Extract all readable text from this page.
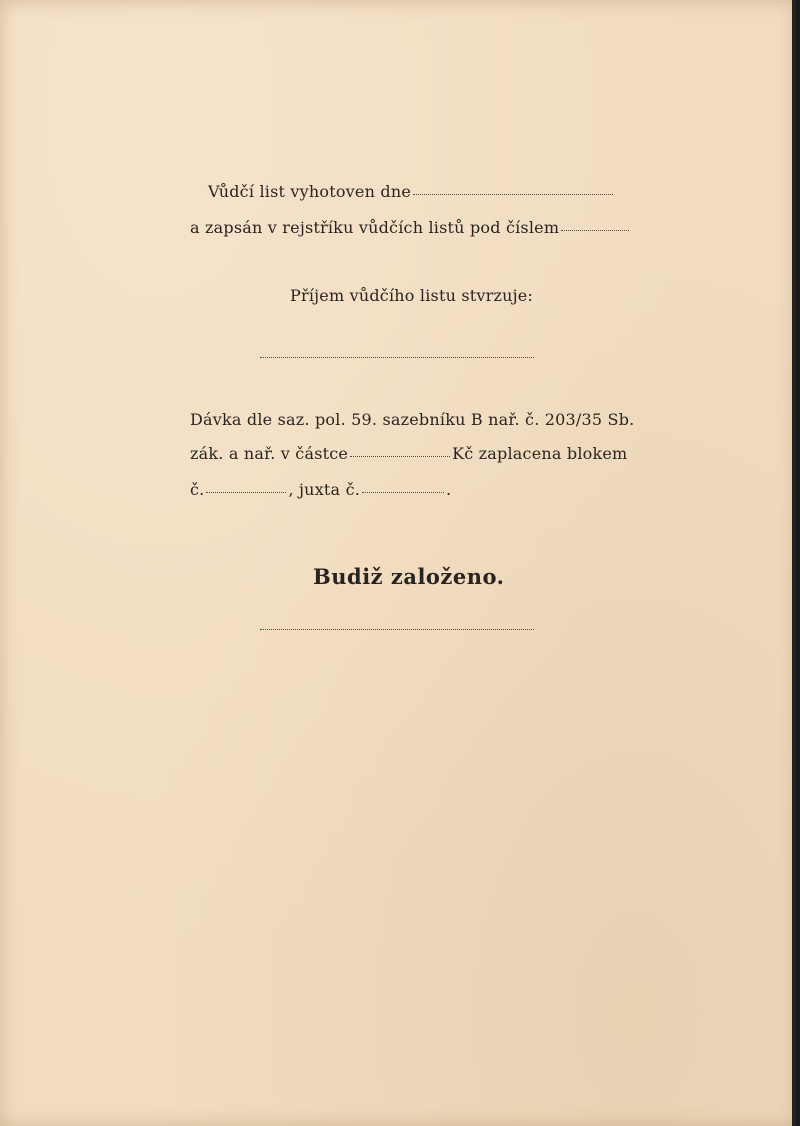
Vůdčí list vyhotoven dne
a zapsán v rejstříku vůdčích listů pod číslem
Příjem vůdčího listu stvrzuje:
Dávka dle saz. pol. 59. sazebníku B nař. č. 203/35 Sb.
zák. a nař. v částce	Kč zaplacena blokem
č.	, juxta č.	.
Budiž založeno.
